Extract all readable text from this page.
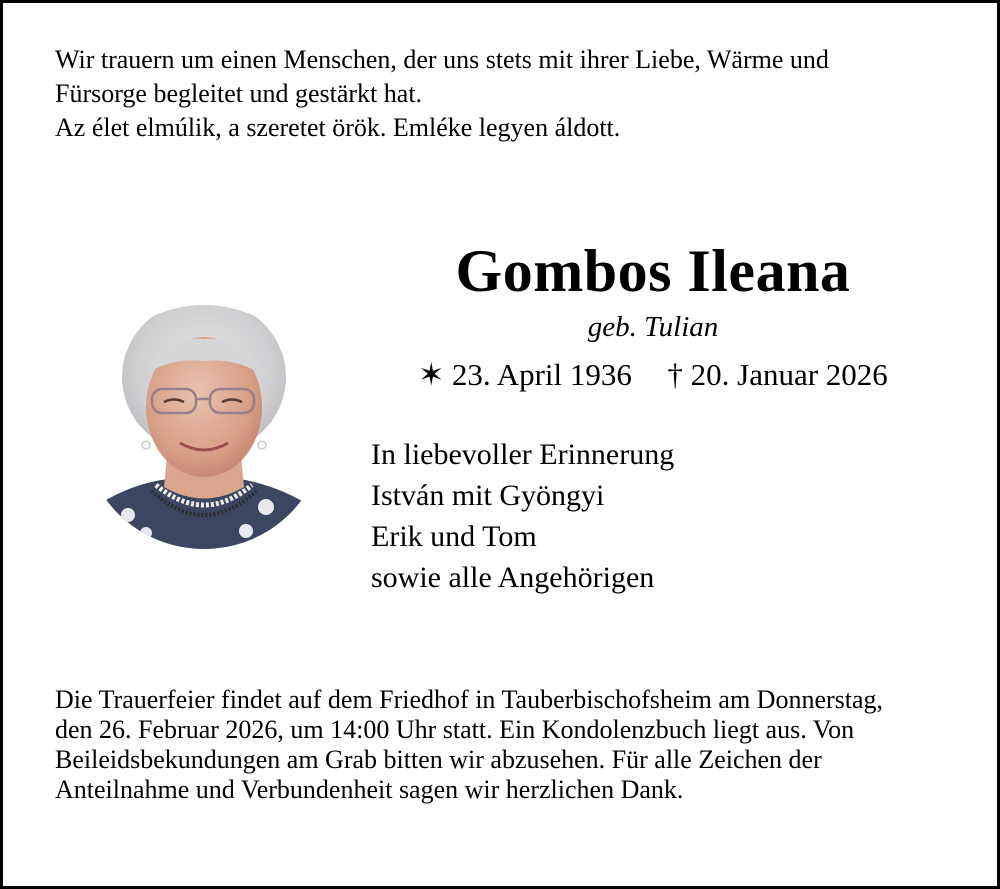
Wir trauern um einen Menschen, der uns stets mit ihrer Liebe, Wärme und
Fürsorge begleitet und gestärkt hat.
Az élet elmúlik, a szeretet örök. Emléke legyen áldott.
Gombos Ileana
geb. Tulian
✶ 23. April 1936 † 20. Januar 2026
In liebevoller Erinnerung
István mit Gyöngyi
Erik und Tom
sowie alle Angehörigen
Die Trauerfeier findet auf dem Friedhof in Tauberbischofsheim am Donnerstag,
den 26. Februar 2026, um 14:00 Uhr statt. Ein Kondolenzbuch liegt aus. Von
Beileidsbekundungen am Grab bitten wir abzusehen. Für alle Zeichen der
Anteilnahme und Verbundenheit sagen wir herzlichen Dank.
